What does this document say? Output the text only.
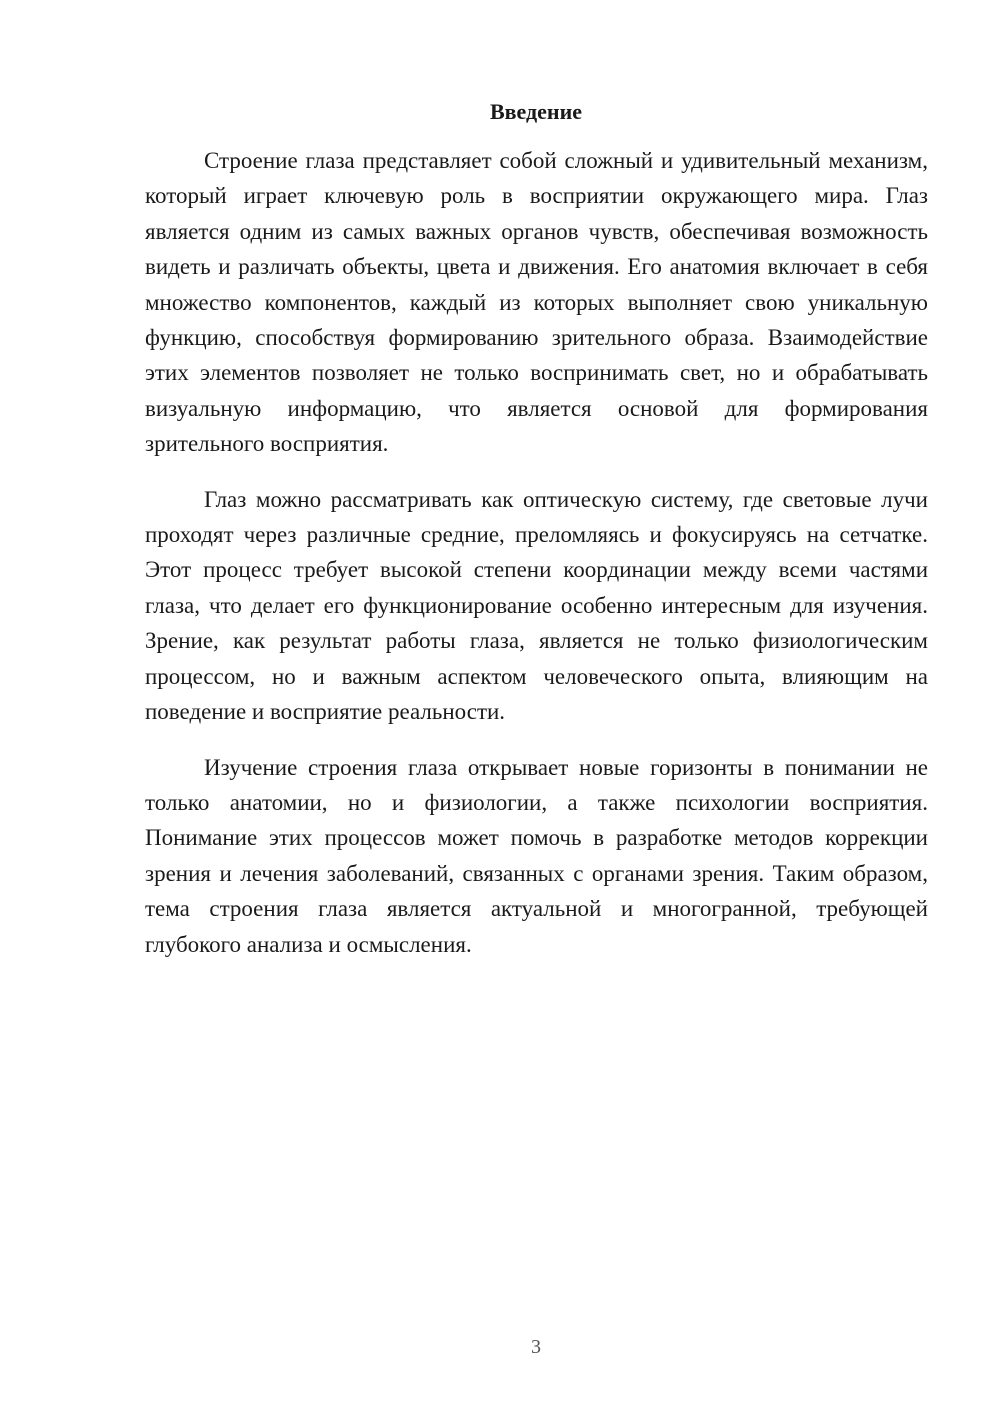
Введение

Строение глаза представляет собой сложный и удивительный механизм, который играет ключевую роль в восприятии окружающего мира. Глаз является одним из самых важных органов чувств, обеспечивая возможность видеть и различать объекты, цвета и движения. Его анатомия включает в себя множество компонентов, каждый из которых выполняет свою уникальную функцию, способствуя формированию зрительного образа. Взаимодействие этих элементов позволяет не только воспринимать свет, но и обрабатывать визуальную информацию, что является основой для формирования зрительного восприятия.

Глаз можно рассматривать как оптическую систему, где световые лучи проходят через различные средние, преломляясь и фокусируясь на сетчатке. Этот процесс требует высокой степени координации между всеми частями глаза, что делает его функционирование особенно интересным для изучения. Зрение, как результат работы глаза, является не только физиологическим процессом, но и важным аспектом человеческого опыта, влияющим на поведение и восприятие реальности.

Изучение строения глаза открывает новые горизонты в понимании не только анатомии, но и физиологии, а также психологии восприятия. Понимание этих процессов может помочь в разработке методов коррекции зрения и лечения заболеваний, связанных с органами зрения. Таким образом, тема строения глаза является актуальной и многогранной, требующей глубокого анализа и осмысления.

3
